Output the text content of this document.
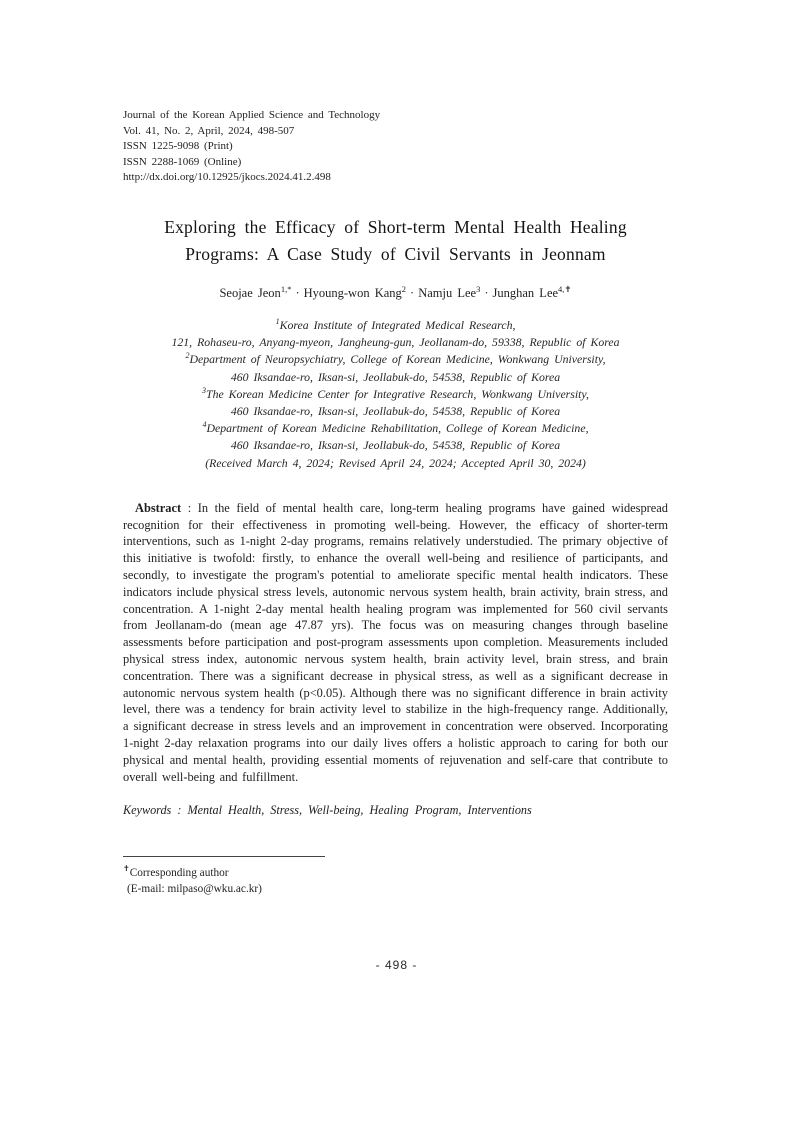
Journal of the Korean Applied Science and Technology
Vol. 41, No. 2, April, 2024, 498-507
ISSN 1225-9098 (Print)
ISSN 2288-1069 (Online)
http://dx.doi.org/10.12925/jkocs.2024.41.2.498
Exploring the Efficacy of Short-term Mental Health Healing
Programs: A Case Study of Civil Servants in Jeonnam
Seojae Jeon$^{1,*}$ · Hyoung-won Kang$^2$ · Namju Lee$^3$ · Junghan Lee$^{4,✝}$
$^1$Korea Institute of Integrated Medical Research,
121, Rohaseu-ro, Anyang-myeon, Jangheung-gun, Jeollanam-do, 59338, Republic of Korea
$^2$Department of Neuropsychiatry, College of Korean Medicine, Wonkwang University,
460 Iksandae-ro, Iksan-si, Jeollabuk-do, 54538, Republic of Korea
$^3$The Korean Medicine Center for Integrative Research, Wonkwang University,
460 Iksandae-ro, Iksan-si, Jeollabuk-do, 54538, Republic of Korea
$^4$Department of Korean Medicine Rehabilitation, College of Korean Medicine,
460 Iksandae-ro, Iksan-si, Jeollabuk-do, 54538, Republic of Korea
(Received March 4, 2024; Revised April 24, 2024; Accepted April 30, 2024)

Abstract : In the field of mental health care, long-term healing programs have gained widespread recognition for their effectiveness in promoting well-being. However, the efficacy of shorter-term interventions, such as 1-night 2-day programs, remains relatively understudied. The primary objective of this initiative is twofold: firstly, to enhance the overall well-being and resilience of participants, and secondly, to investigate the program's potential to ameliorate specific mental health indicators. These indicators include physical stress levels, autonomic nervous system health, brain activity, brain stress, and concentration. A 1-night 2-day mental health healing program was implemented for 560 civil servants from Jeollanam-do (mean age 47.87 yrs). The focus was on measuring changes through baseline assessments before participation and post-program assessments upon completion. Measurements included physical stress index, autonomic nervous system health, brain activity level, brain stress, and brain concentration. There was a significant decrease in physical stress, as well as a significant decrease in autonomic nervous system health (p<0.05). Although there was no significant difference in brain activity level, there was a tendency for brain activity level to stabilize in the high-frequency range. Additionally, a significant decrease in stress levels and an improvement in concentration were observed. Incorporating 1-night 2-day relaxation programs into our daily lives offers a holistic approach to caring for both our physical and mental health, providing essential moments of rejuvenation and self-care that contribute to overall well-being and fulfillment.

Keywords : Mental Health, Stress, Well-being, Healing Program, Interventions
✝Corresponding author
(E-mail: milpaso@wku.ac.kr)
- 498 -
